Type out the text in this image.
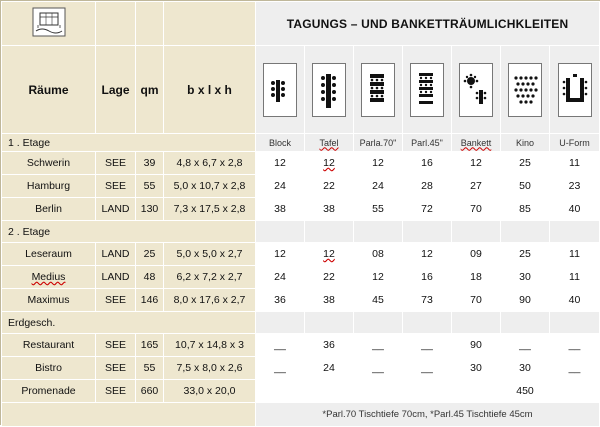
				TAGUNGS – UND BANKETTRÄUMLICHKLEITEN						
Räume	Lage	qm	b x l x h	

1 . Etage				Block	Tafel	Parla.70"	Parl.45"	Bankett	Kino	U-Form
Schwerin	SEE	39	4,8 x 6,7 x 2,8	12	12	12	16	12	25	11
Hamburg	SEE	55	5,0 x 10,7 x 2,8	24	22	24	28	27	50	23
Berlin	LAND	130	7,3 x 17,5 x 2,8	38	38	55	72	70	85	40
2 . Etage										
Leseraum	LAND	25	5,0 x 5,0 x 2,7	12	12	08	12	09	25	11
Medius	LAND	48	6,2 x 7,2 x 2,7	24	22	12	16	18	30	11
Maximus	SEE	146	8,0 x 17,6 x 2,7	36	38	45	73	70	90	40
Erdgesch.										
Restaurant	SEE	165	10,7 x 14,8 x 3	__	36	__	__	90	__	__
Bistro	SEE	55	7,5 x 8,0 x 2,6	__	24	__	__	30	30	__
Promenade	SEE	660	33,0 x 20,0						450	
				*Parl.70 Tischtiefe 70cm, *Parl.45 Tischtiefe 45cm						
